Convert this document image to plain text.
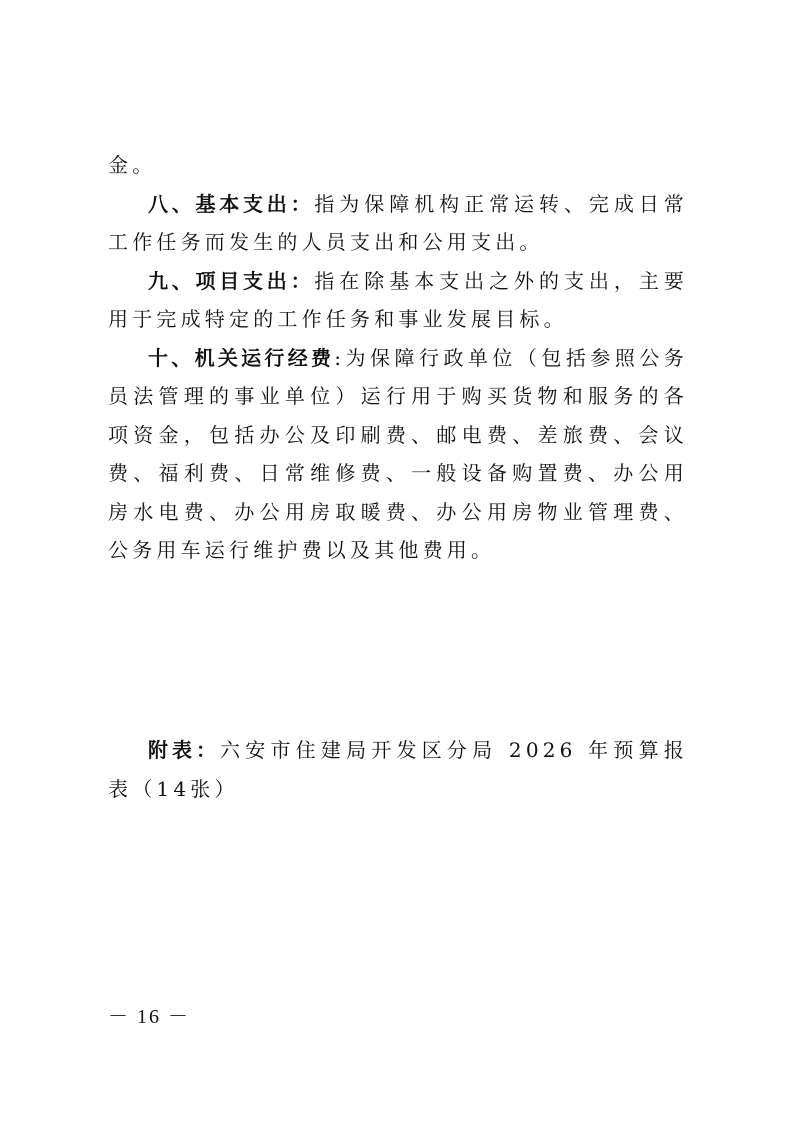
金。

八、基本支出：指为保障机构正常运转、完成日常工作任务而发生的人员支出和公用支出。

九、项目支出：指在除基本支出之外的支出，主要用于完成特定的工作任务和事业发展目标。

十、机关运行经费:为保障行政单位（包括参照公务员法管理的事业单位）运行用于购买货物和服务的各项资金，包括办公及印刷费、邮电费、差旅费、会议费、福利费、日常维修费、一般设备购置费、办公用房水电费、办公用房取暖费、办公用房物业管理费、公务用车运行维护费以及其他费用。

附表：六安市住建局开发区分局 2026 年预算报表（14张）

－ 16 －
